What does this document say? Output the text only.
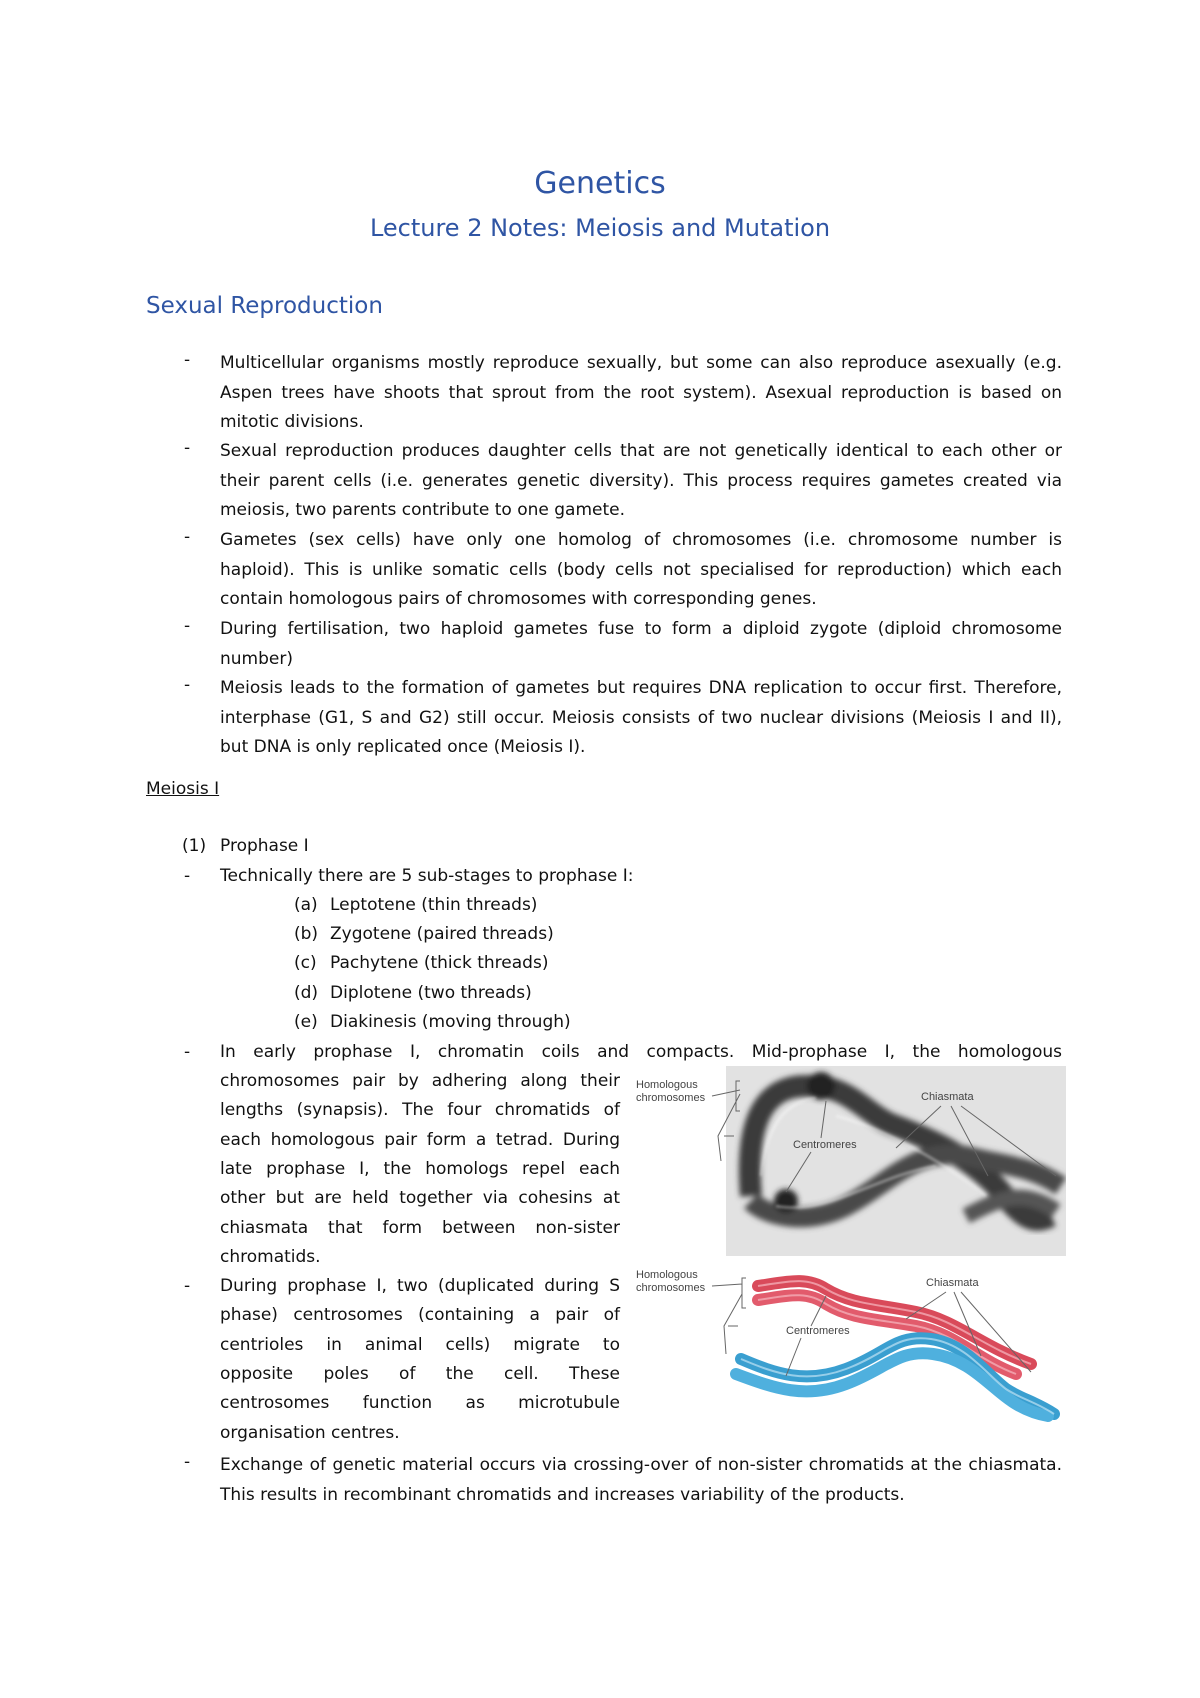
Genetics
Lecture 2 Notes: Meiosis and Mutation
Sexual Reproduction
- Multicellular organisms mostly reproduce sexually, but some can also reproduce asexually (e.g. Aspen trees have shoots that sprout from the root system). Asexual reproduction is based on mitotic divisions.
- Sexual reproduction produces daughter cells that are not genetically identical to each other or their parent cells (i.e. generates genetic diversity). This process requires gametes created via meiosis, two parents contribute to one gamete.
- Gametes (sex cells) have only one homolog of chromosomes (i.e. chromosome number is haploid). This is unlike somatic cells (body cells not specialised for reproduction) which each contain homologous pairs of chromosomes with corresponding genes.
- During fertilisation, two haploid gametes fuse to form a diploid zygote (diploid chromosome number)
- Meiosis leads to the formation of gametes but requires DNA replication to occur first. Therefore, interphase (G1, S and G2) still occur. Meiosis consists of two nuclear divisions (Meiosis I and II), but DNA is only replicated once (Meiosis I).
Meiosis I
(1) Prophase I
- Technically there are 5 sub-stages to prophase I:
(a) Leptotene (thin threads)
(b) Zygotene (paired threads)
(c) Pachytene (thick threads)
(d) Diplotene (two threads)
(e) Diakinesis (moving through)
- In early prophase I, chromatin coils and compacts. Mid-prophase I, the homologous
chromosomes pair by adhering along their
lengths (synapsis). The four chromatids of
each homologous pair form a tetrad. During
late prophase I, the homologs repel each
other but are held together via cohesins at
chiasmata that form between non-sister
chromatids.
- During prophase I, two (duplicated during S
phase) centrosomes (containing a pair of
centrioles in animal cells) migrate to
opposite poles of the cell. These
centrosomes function as microtubule
organisation centres.
- Exchange of genetic material occurs via crossing-over of non-sister chromatids at the chiasmata. This results in recombinant chromatids and increases variability of the products.
Homologous
chromosomes	Chiasmata
Centromeres
Homologous
chromosomes	Chiasmata
Centromeres
